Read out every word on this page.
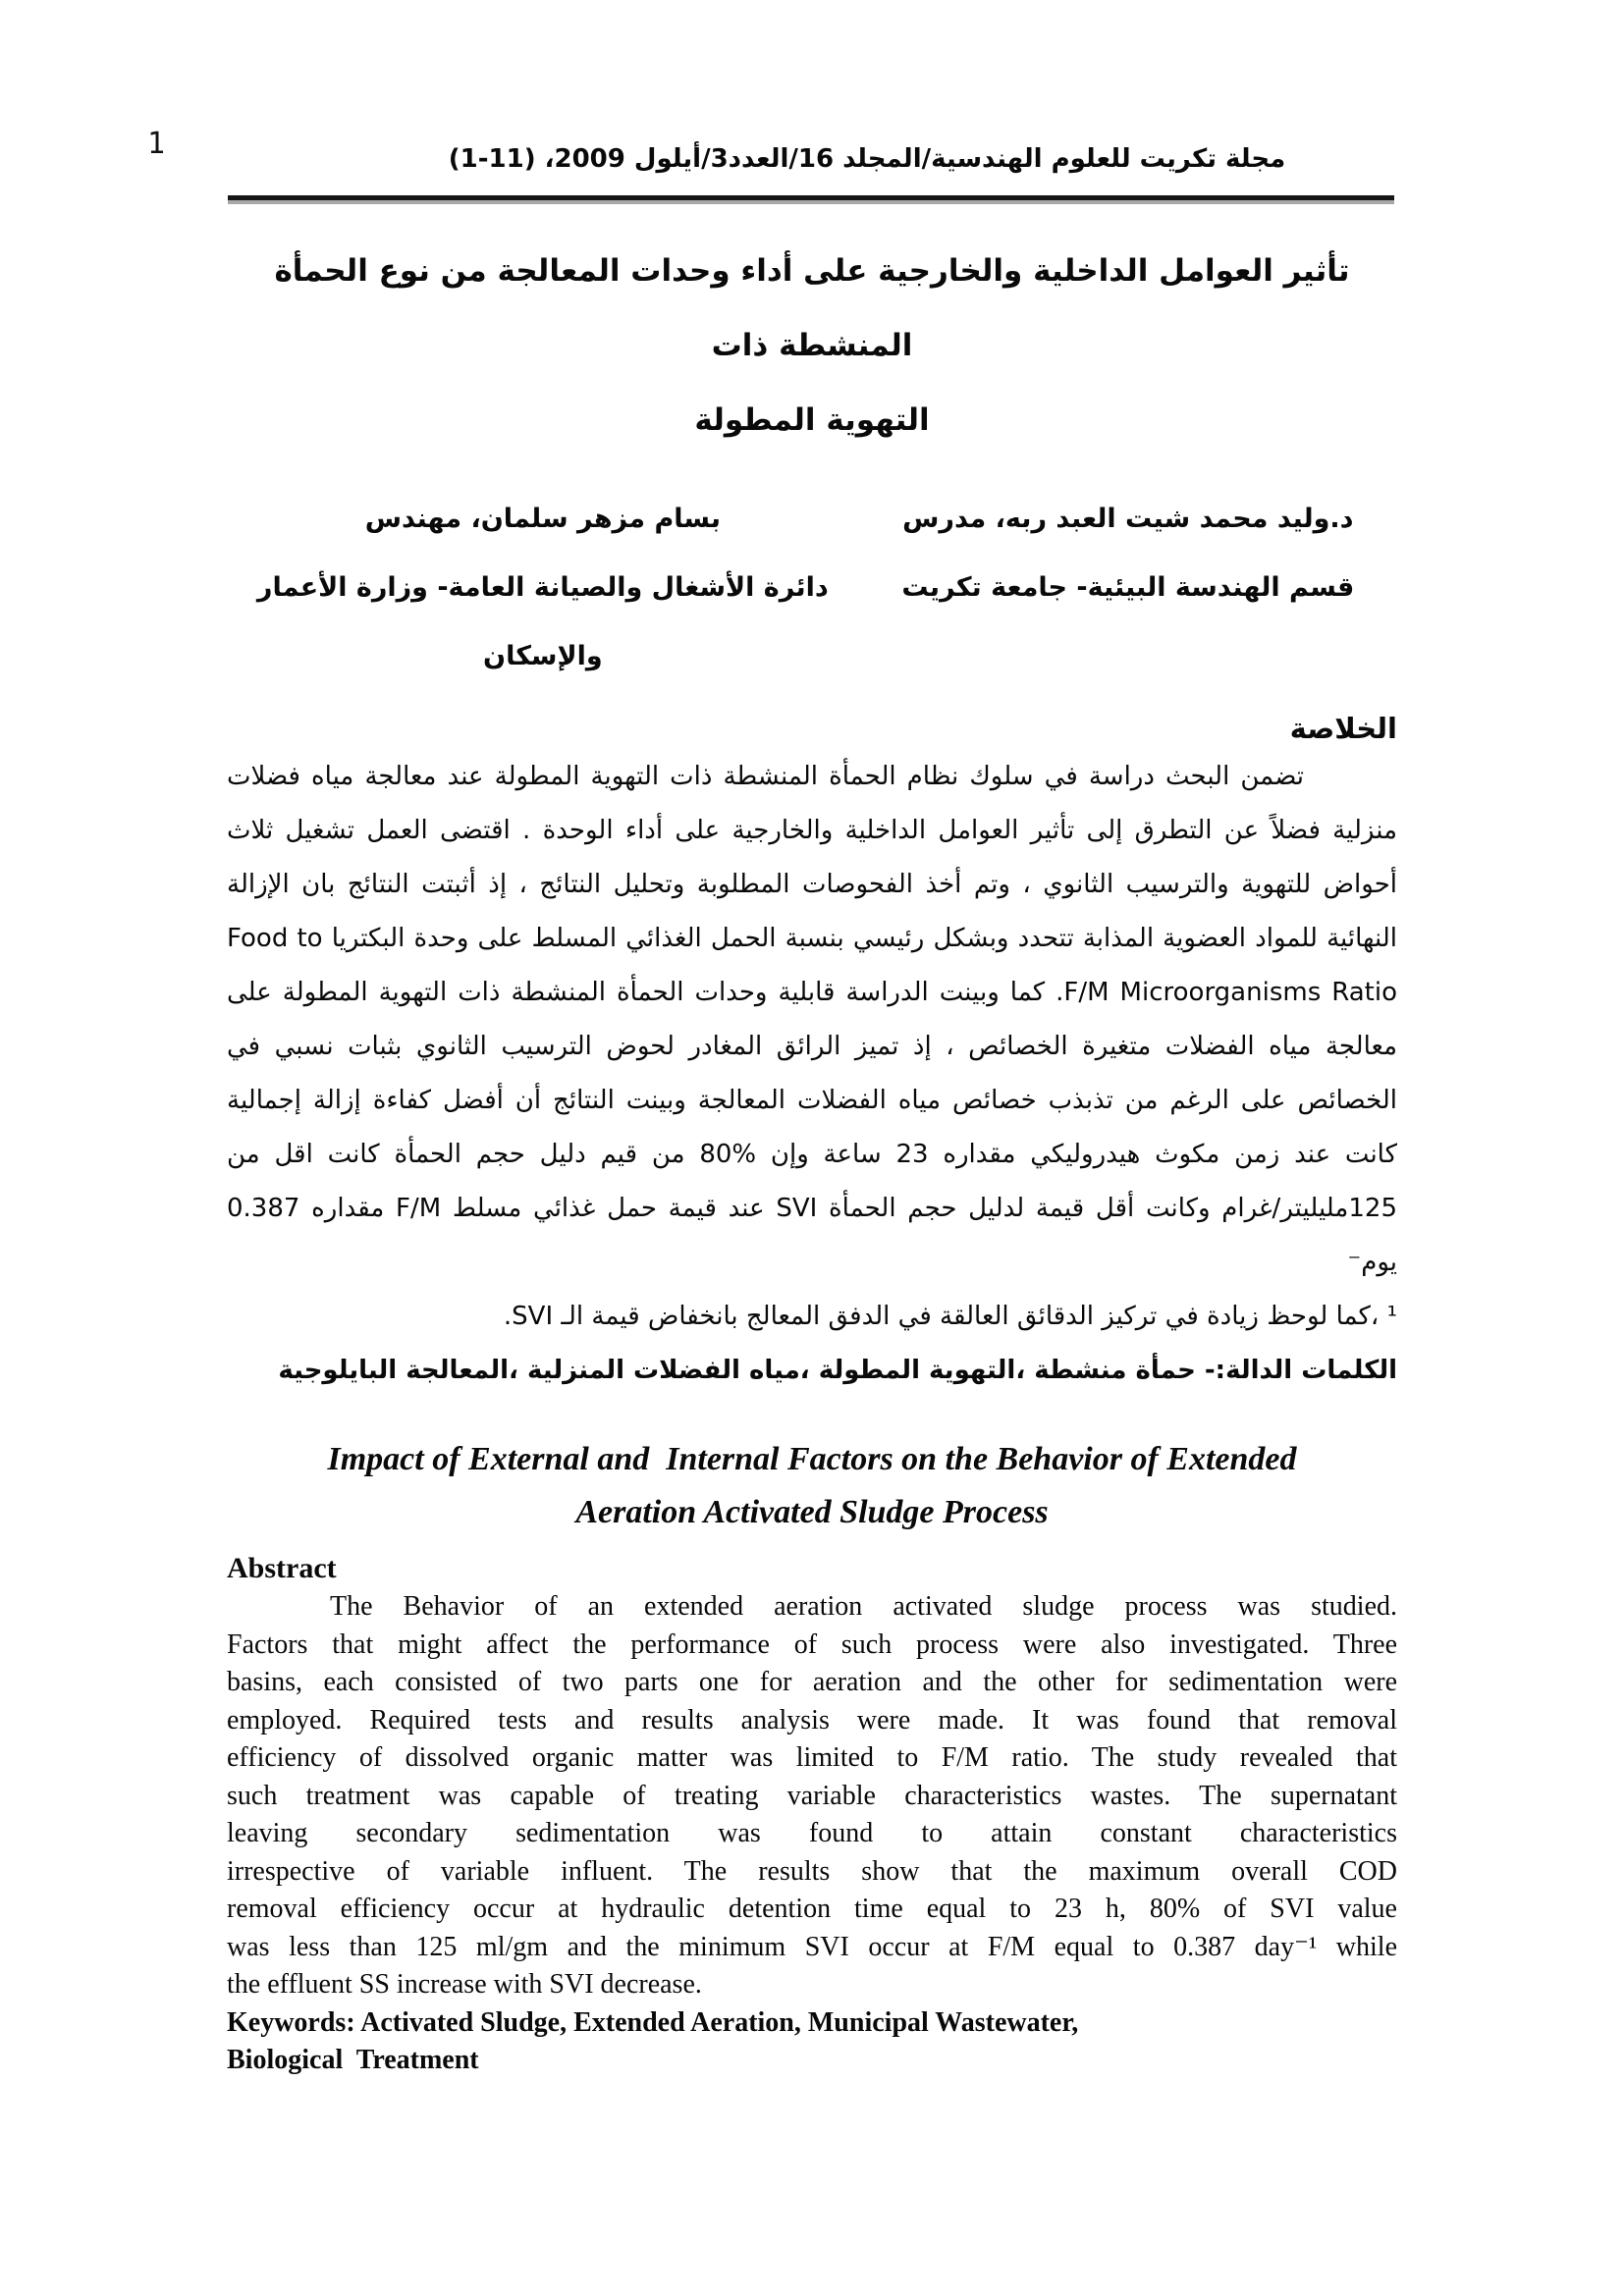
1	مجلة تكريت للعلوم الهندسية/المجلد 16/العدد3/أيلول 2009، (11-1)
تأثير العوامل الداخلية والخارجية على أداء وحدات المعالجة من نوع الحمأة المنشطة ذات
التهوية المطولة
د.وليد محمد شيت العبد ربه، مدرس
بسام مزهر سلمان، مهندس
قسم الهندسة البيئية- جامعة تكريت
دائرة الأشغال والصيانة العامة- وزارة الأعمار والإسكان
الخلاصة
تضمن البحث دراسة في سلوك نظام الحمأة المنشطة ذات التهوية المطولة عند معالجة مياه فضلات
منزلية فضلاً عن التطرق إلى تأثير العوامل الداخلية والخارجية على أداء الوحدة . اقتضى العمل تشغيل ثلاث
أحواض للتهوية والترسيب الثانوي ، وتم أخذ الفحوصات المطلوبة وتحليل النتائج ، إذ أثبتت النتائج بان الإزالة
النهائية للمواد العضوية المذابة تتحدد وبشكل رئيسي بنسبة الحمل الغذائي المسلط على وحدة البكتريا Food to
F/M Microorganisms Ratio. كما وبينت الدراسة قابلية وحدات الحمأة المنشطة ذات التهوية المطولة على
معالجة مياه الفضلات متغيرة الخصائص ، إذ تميز الرائق المغادر لحوض الترسيب الثانوي بثبات نسبي في
الخصائص على الرغم من تذبذب خصائص مياه الفضلات المعالجة وبينت النتائج أن أفضل كفاءة إزالة إجمالية
كانت عند زمن مكوث هيدروليكي مقداره 23 ساعة وإن %80 من قيم دليل حجم الحمأة كانت اقل من
125مليليتر/غرام وكانت أقل قيمة لدليل حجم الحمأة SVI عند قيمة حمل غذائي مسلط F/M مقداره 0.387 يوم⁻
¹ ،كما لوحظ زيادة في تركيز الدقائق العالقة في الدفق المعالج بانخفاض قيمة الـ SVI.
الكلمات الدالة:- حمأة منشطة ،التهوية المطولة ،مياه الفضلات المنزلية ،المعالجة البايلوجية
Impact of External and  Internal Factors on the Behavior of Extended
Aeration Activated Sludge Process
Abstract
The Behavior of an extended aeration activated sludge process was studied.
Factors that might affect the performance of such process were also investigated. Three
basins, each consisted of two parts one for aeration and the other for sedimentation were
employed. Required tests and results analysis were made. It was found that removal
efficiency of dissolved organic matter was limited to F/M ratio. The study revealed that
such treatment was capable of treating variable characteristics wastes. The supernatant
leaving secondary sedimentation was found to attain constant characteristics
irrespective of variable influent. The results show that the maximum overall COD
removal efficiency occur at hydraulic detention time equal to 23 h, 80% of SVI value
was less than 125 ml/gm and the minimum SVI occur at F/M equal to 0.387 day⁻¹ while
the effluent SS increase with SVI decrease.
Keywords: Activated Sludge, Extended Aeration, Municipal Wastewater,
Biological  Treatment
